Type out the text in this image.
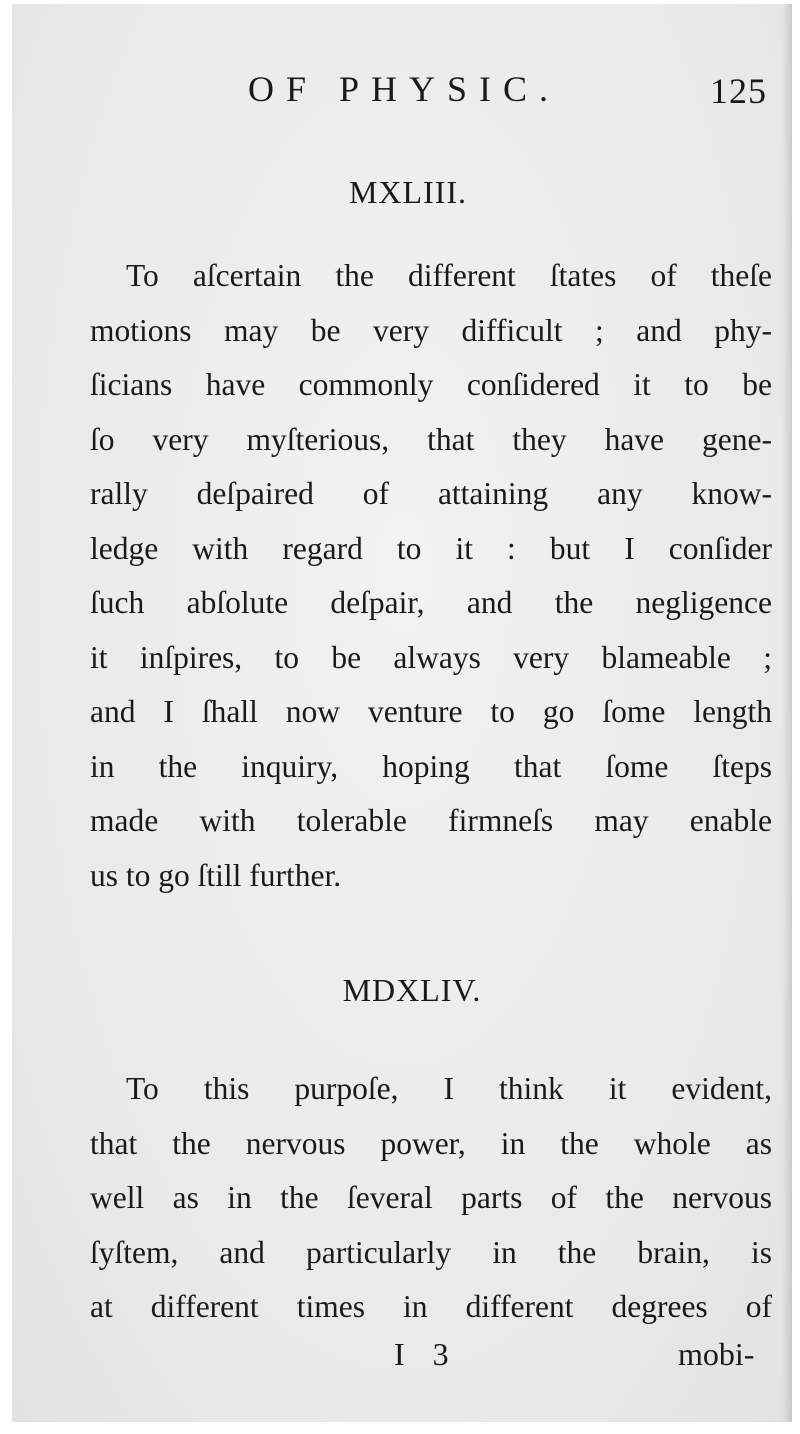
OF PHYSIC.	125
MXLIII.
To aſcertain the different ſtates of theſe
motions may be very difficult ; and phy-
ſicians have commonly conſidered it to be
ſo very myſterious, that they have gene-
rally deſpaired of attaining any know-
ledge with regard to it : but I conſider
ſuch abſolute deſpair, and the negligence
it inſpires, to be always very blameable ;
and I ſhall now venture to go ſome length
in the inquiry, hoping that ſome ſteps
made with tolerable firmneſs may enable
us to go ſtill further.
MDXLIV.
To this purpoſe, I think it evident,
that the nervous power, in the whole as
well as in the ſeveral parts of the nervous
ſyſtem, and particularly in the brain, is
at different times in different degrees of
I 3	mobi-
